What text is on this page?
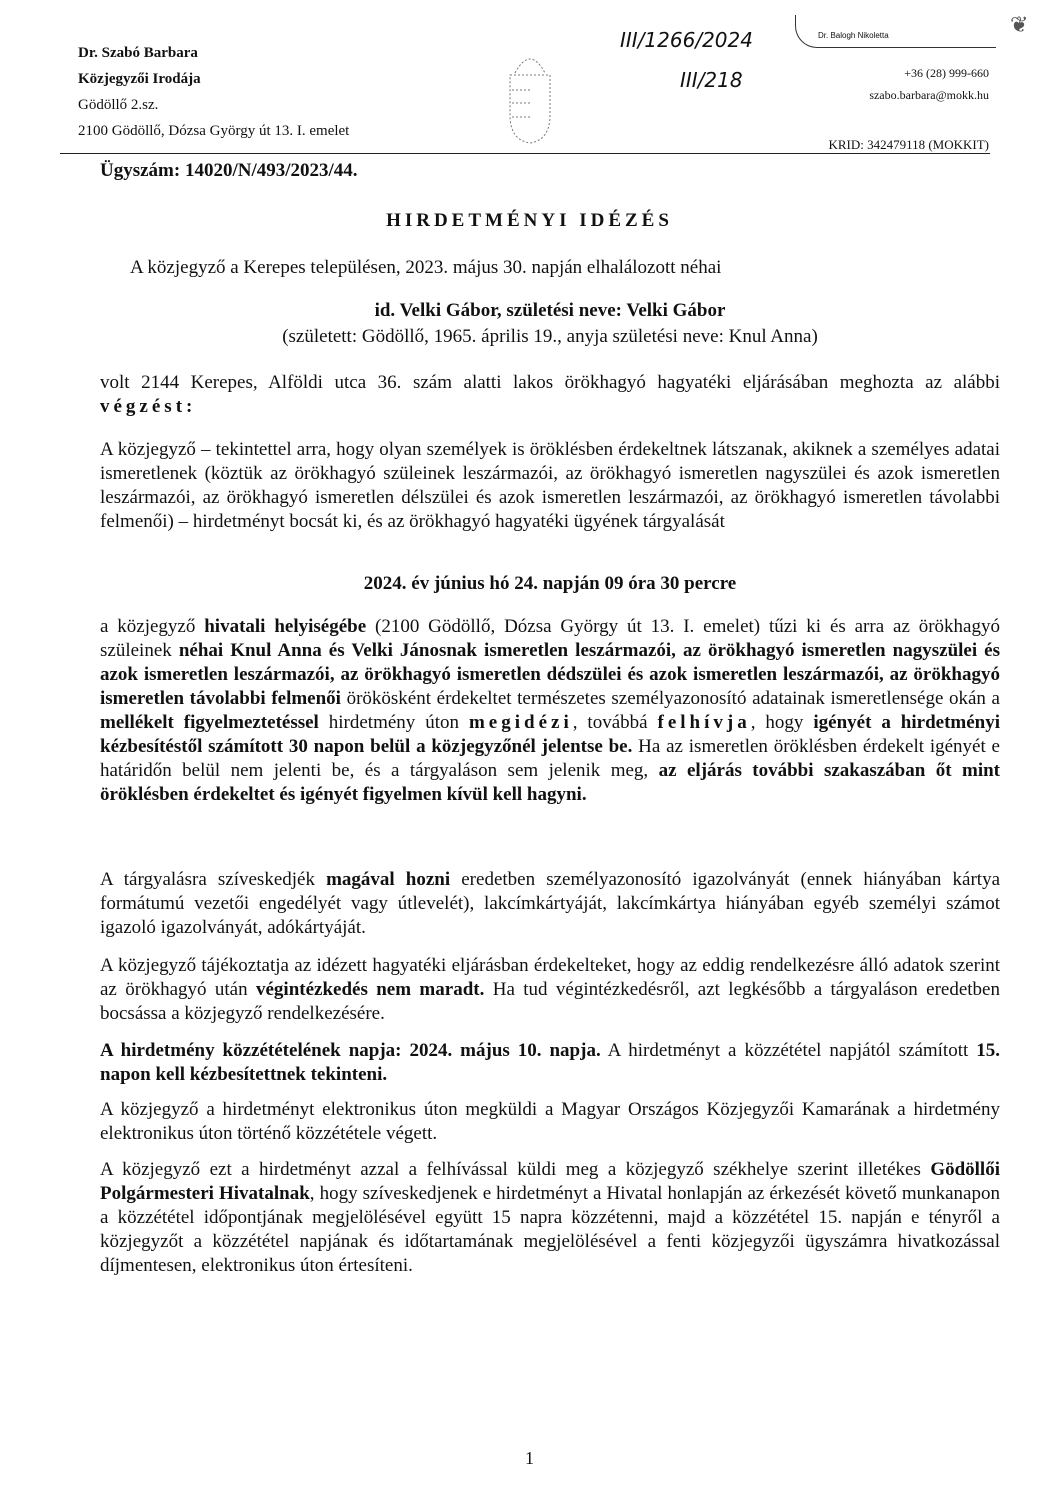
Dr. Szabó Barbara
Közjegyzői Irodája
Gödöllő 2.sz.
2100 Gödöllő, Dózsa György út 13. I. emelet
III/1266/2024
III/218
Dr. Balogh Nikoletta	❦
+36 (28) 999-660
szabo.barbara@mokk.hu
KRID: 342479118 (MOKKIT)
Ügyszám: 14020/N/493/2023/44.
HIRDETMÉNYI IDÉZÉS
A közjegyző a Kerepes településen, 2023. május 30. napján elhalálozott néhai
id. Velki Gábor, születési neve: Velki Gábor
(született: Gödöllő, 1965. április 19., anyja születési neve: Knul Anna)
volt 2144 Kerepes, Alföldi utca 36. szám alatti lakos örökhagyó hagyatéki eljárásában meghozta az alábbi végzést:
A közjegyző – tekintettel arra, hogy olyan személyek is öröklésben érdekeltnek látszanak, akiknek a személyes adatai ismeretlenek (köztük az örökhagyó szüleinek leszármazói, az örökhagyó ismeretlen nagyszülei és azok ismeretlen leszármazói, az örökhagyó ismeretlen délszülei és azok ismeretlen leszármazói, az örökhagyó ismeretlen távolabbi felmenői) – hirdetményt bocsát ki, és az örökhagyó hagyatéki ügyének tárgyalását
2024. év június hó 24. napján 09 óra 30 percre
a közjegyző hivatali helyiségébe (2100 Gödöllő, Dózsa György út 13. I. emelet) tűzi ki és arra az örökhagyó szüleinek néhai Knul Anna és Velki Jánosnak ismeretlen leszármazói, az örökhagyó ismeretlen nagyszülei és azok ismeretlen leszármazói, az örökhagyó ismeretlen dédszülei és azok ismeretlen leszármazói, az örökhagyó ismeretlen távolabbi felmenői örökösként érdekeltet természetes személyazonosító adatainak ismeretlensége okán a mellékelt figyelmeztetéssel hirdetmény úton megidézi, továbbá felhívja, hogy igényét a hirdetményi kézbesítéstől számított 30 napon belül a közjegyzőnél jelentse be. Ha az ismeretlen öröklésben érdekelt igényét e határidőn belül nem jelenti be, és a tárgyaláson sem jelenik meg, az eljárás további szakaszában őt mint öröklésben érdekeltet és igényét figyelmen kívül kell hagyni.
A tárgyalásra szíveskedjék magával hozni eredetben személyazonosító igazolványát (ennek hiányában kártya formátumú vezetői engedélyét vagy útlevelét), lakcímkártyáját, lakcímkártya hiányában egyéb személyi számot igazoló igazolványát, adókártyáját.
A közjegyző tájékoztatja az idézett hagyatéki eljárásban érdekelteket, hogy az eddig rendelkezésre álló adatok szerint az örökhagyó után végintézkedés nem maradt. Ha tud végintézkedésről, azt legkésőbb a tárgyaláson eredetben bocsássa a közjegyző rendelkezésére.
A hirdetmény közzétételének napja: 2024. május 10. napja. A hirdetményt a közzététel napjától számított 15. napon kell kézbesítettnek tekinteni.
A közjegyző a hirdetményt elektronikus úton megküldi a Magyar Országos Közjegyzői Kamarának a hirdetmény elektronikus úton történő közzététele végett.
A közjegyző ezt a hirdetményt azzal a felhívással küldi meg a közjegyző székhelye szerint illetékes Gödöllői Polgármesteri Hivatalnak, hogy szíveskedjenek e hirdetményt a Hivatal honlapján az érkezését követő munkanapon a közzététel időpontjának megjelölésével együtt 15 napra közzétenni, majd a közzététel 15. napján e tényről a közjegyzőt a közzététel napjának és időtartamának megjelölésével a fenti közjegyzői ügyszámra hivatkozással díjmentesen, elektronikus úton értesíteni.
1
